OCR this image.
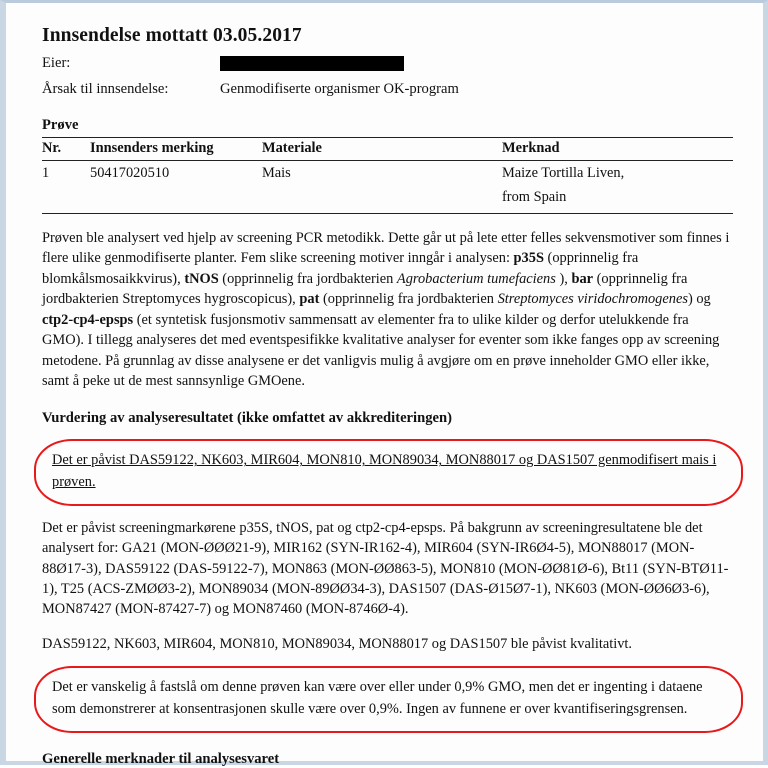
Innsendelse mottatt 03.05.2017
Eier:
Årsak til innsendelse:	Genmodifiserte organismer OK-program
Prøve
Nr.	Innsenders merking	Materiale	Merknad
1	50417020510	Mais	Maize Tortilla Liven,
			from Spain

Prøven ble analysert ved hjelp av screening PCR metodikk. Dette går ut på lete etter felles sekvensmotiver som finnes i flere ulike genmodifiserte planter. Fem slike screening motiver inngår i analysen: p35S (opprinnelig fra blomkålsmosaikkvirus), tNOS (opprinnelig fra jordbakterien Agrobacterium tumefaciens ), bar (opprinnelig fra jordbakterien Streptomyces hygroscopicus), pat (opprinnelig fra jordbakterien Streptomyces viridochromogenes) og ctp2-cp4-epsps (et syntetisk fusjonsmotiv sammensatt av elementer fra to ulike kilder og derfor utelukkende fra GMO). I tillegg analyseres det med eventspesifikke kvalitative analyser for eventer som ikke fanges opp av screening metodene. På grunnlag av disse analysene er det vanligvis mulig å avgjøre om en prøve inneholder GMO eller ikke, samt å peke ut de mest sannsynlige GMOene.

Vurdering av analyseresultatet (ikke omfattet av akkrediteringen)

Det er påvist DAS59122, NK603, MIR604, MON810, MON89034, MON88017 og DAS1507 genmodifisert mais i prøven.

Det er påvist screeningmarkørene p35S, tNOS, pat og ctp2-cp4-epsps. På bakgrunn av screeningresultatene ble det analysert for: GA21 (MON-ØØØ21-9), MIR162 (SYN-IR162-4), MIR604 (SYN-IR6Ø4-5), MON88017 (MON-88Ø17-3), DAS59122 (DAS-59122-7), MON863 (MON-ØØ863-5), MON810 (MON-ØØ81Ø-6), Bt11 (SYN-BTØ11-1), T25 (ACS-ZMØØ3-2), MON89034 (MON-89ØØ34-3), DAS1507 (DAS-Ø15Ø7-1), NK603 (MON-ØØ6Ø3-6), MON87427 (MON-87427-7) og MON87460 (MON-8746Ø-4).

DAS59122, NK603, MIR604, MON810, MON89034, MON88017 og DAS1507 ble påvist kvalitativt.

Det er vanskelig å fastslå om denne prøven kan være over eller under 0,9% GMO, men det er ingenting i dataene som demonstrerer at konsentrasjonen skulle være over 0,9%. Ingen av funnene er over kvantifiseringsgrensen.

Generelle merknader til analysesvaret
